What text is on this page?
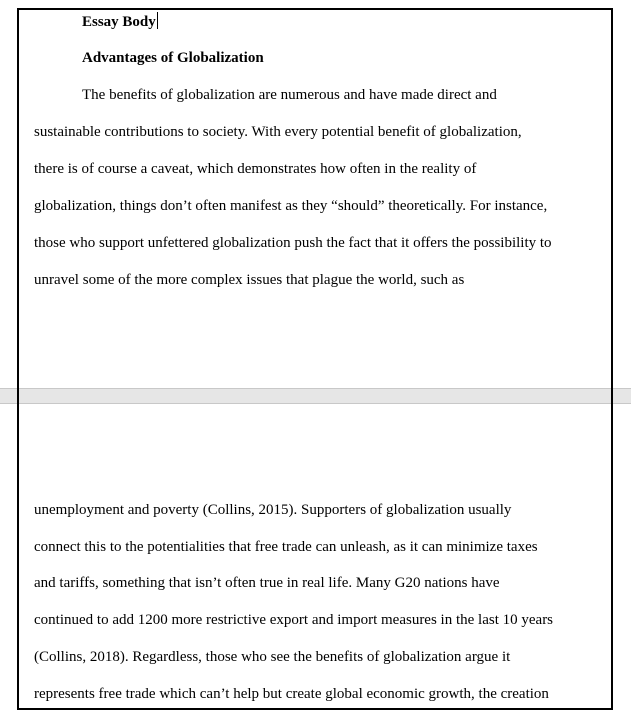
Essay Body
Advantages of Globalization
The benefits of globalization are numerous and have made direct and
sustainable contributions to society. With every potential benefit of globalization,
there is of course a caveat, which demonstrates how often in the reality of
globalization, things don’t often manifest as they “should” theoretically. For instance,
those who support unfettered globalization push the fact that it offers the possibility to
unravel some of the more complex issues that plague the world, such as
unemployment and poverty (Collins, 2015). Supporters of globalization usually
connect this to the potentialities that free trade can unleash, as it can minimize taxes
and tariffs, something that isn’t often true in real life. Many G20 nations have
continued to add 1200 more restrictive export and import measures in the last 10 years
(Collins, 2018). Regardless, those who see the benefits of globalization argue it
represents free trade which can’t help but create global economic growth, the creation
